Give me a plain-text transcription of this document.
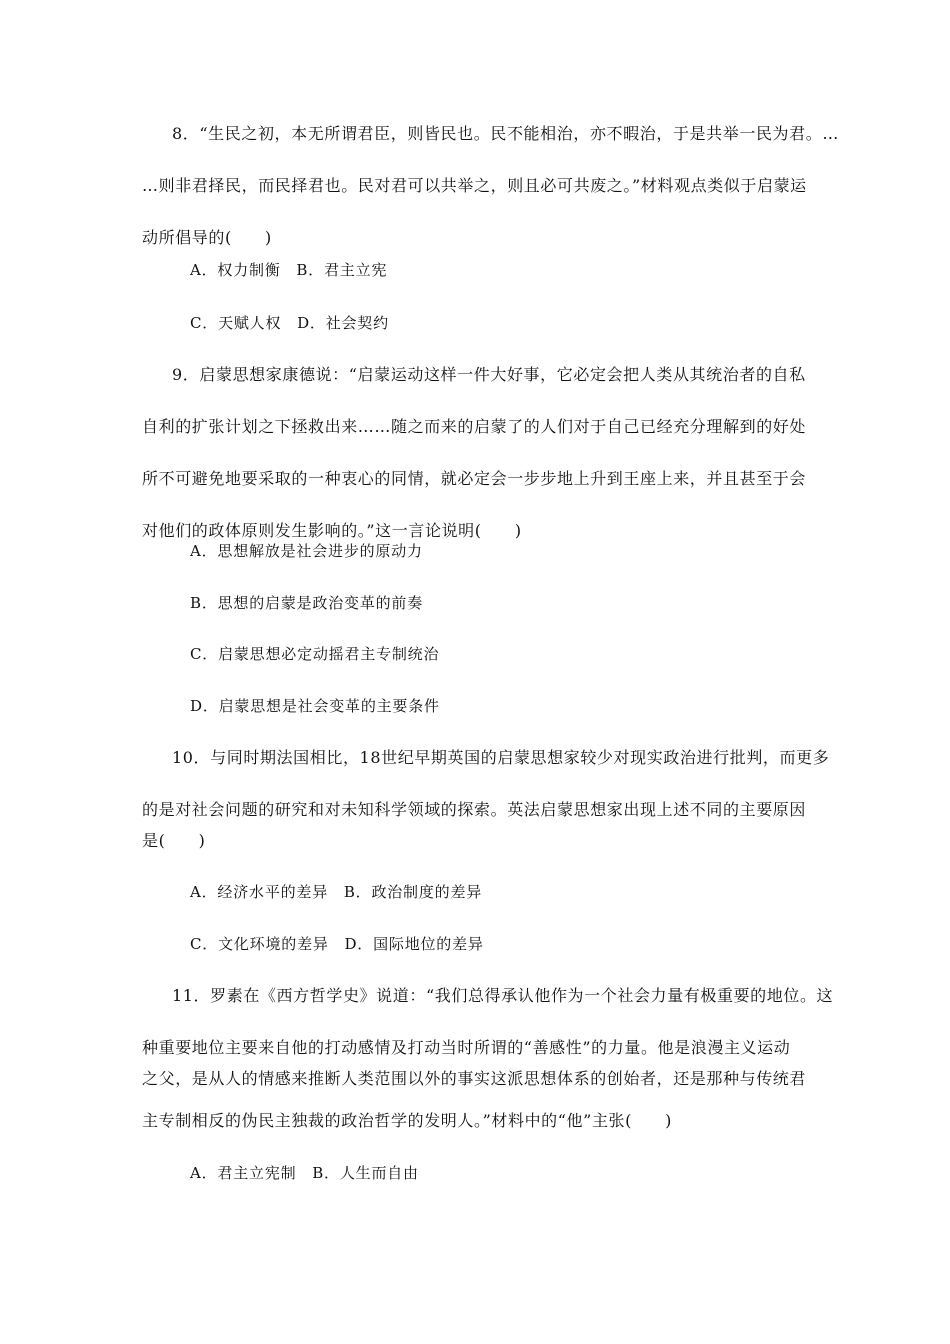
8．“生民之初，本无所谓君臣，则皆民也。民不能相治，亦不暇治，于是共举一民为君。…
…则非君择民，而民择君也。民对君可以共举之，则且必可共废之。”材料观点类似于启蒙运
动所倡导的(　　)
A．权力制衡　B．君主立宪
C．天赋人权　D．社会契约
9．启蒙思想家康德说：“启蒙运动这样一件大好事，它必定会把人类从其统治者的自私
自利的扩张计划之下拯救出来……随之而来的启蒙了的人们对于自己已经充分理解到的好处
所不可避免地要采取的一种衷心的同情，就必定会一步步地上升到王座上来，并且甚至于会
对他们的政体原则发生影响的。”这一言论说明(　　)
A．思想解放是社会进步的原动力
B．思想的启蒙是政治变革的前奏
C．启蒙思想必定动摇君主专制统治
D．启蒙思想是社会变革的主要条件
10．与同时期法国相比，18世纪早期英国的启蒙思想家较少对现实政治进行批判，而更多
的是对社会问题的研究和对未知科学领域的探索。英法启蒙思想家出现上述不同的主要原因
是(　　)
A．经济水平的差异　B．政治制度的差异
C．文化环境的差异　D．国际地位的差异
11．罗素在《西方哲学史》说道：“我们总得承认他作为一个社会力量有极重要的地位。这
种重要地位主要来自他的打动感情及打动当时所谓的“善感性”的力量。他是浪漫主义运动
之父，是从人的情感来推断人类范围以外的事实这派思想体系的创始者，还是那种与传统君
主专制相反的伪民主独裁的政治哲学的发明人。”材料中的“他”主张(　　)
A．君主立宪制　B．人生而自由
